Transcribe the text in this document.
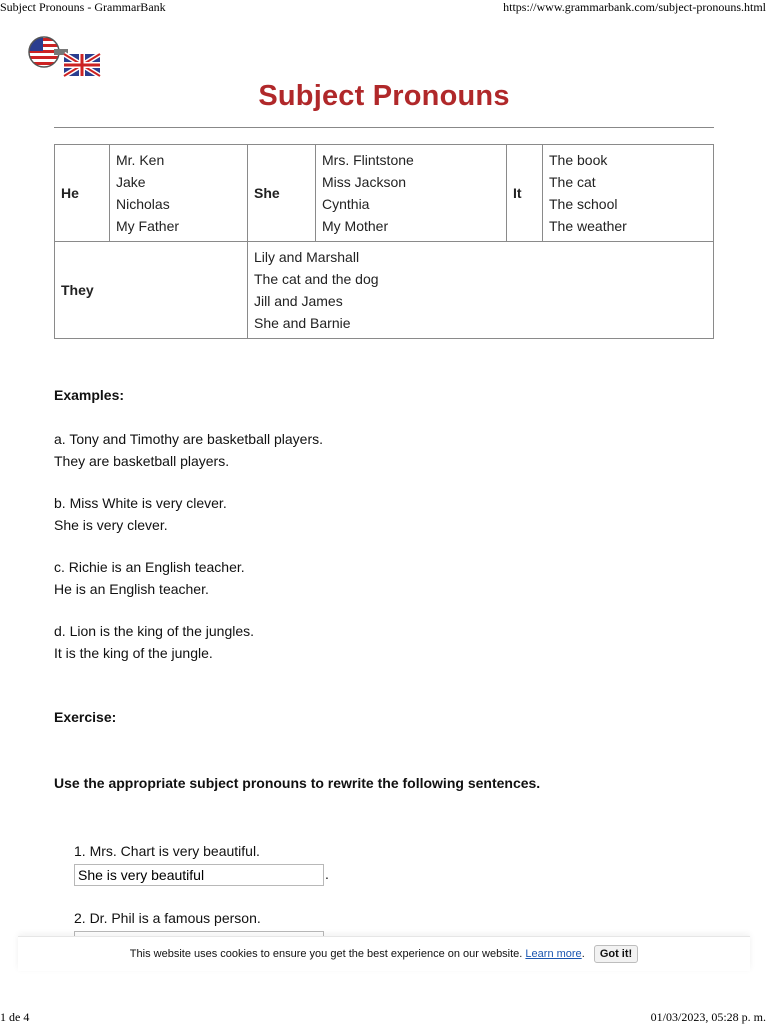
Subject Pronouns - GrammarBank	https://www.grammarbank.com/subject-pronouns.html
Subject Pronouns
He	Mr. Ken
Jake
Nicholas
My Father	She	Mrs. Flintstone
Miss Jackson
Cynthia
My Mother	It	The book
The cat
The school
The weather

They		Lily and Marshall
The cat and the dog
Jill and James
She and Barnie			

Examples:

a. Tony and Timothy are basketball players.

They are basketball players.

b. Miss White is very clever.

She is very clever.

c. Richie is an English teacher.

He is an English teacher.

d. Lion is the king of the jungles.

It is the king of the jungle.

Exercise:

Use the appropriate subject pronouns to rewrite the following sentences.

1. Mrs. Chart is very beautiful.
She is very beautiful
.
2. Dr. Phil is a famous person.
This website uses cookies to ensure you get the best experience on our website. Learn more. Got it!
1 de 4	01/03/2023, 05:28 p. m.
